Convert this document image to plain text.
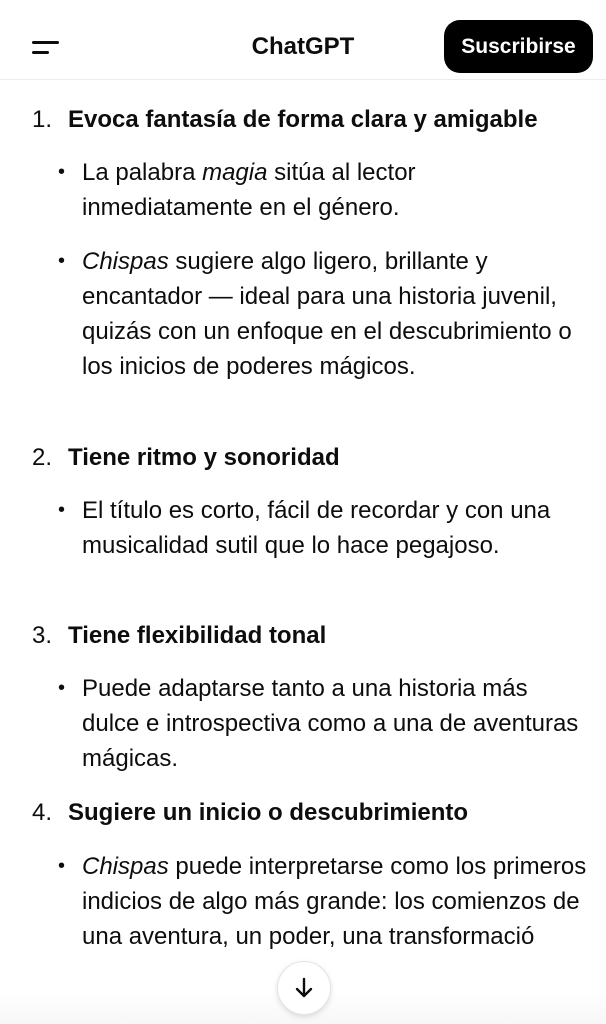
ChatGPT	Suscribirse

1. Evoca fantasía de forma clara y amigable

• La palabra magia sitúa al lector inmediatamente en el género.

• Chispas sugiere algo ligero, brillante y encantador — ideal para una historia juvenil, quizás con un enfoque en el descubrimiento o los inicios de poderes mágicos.

2. Tiene ritmo y sonoridad

• El título es corto, fácil de recordar y con una musicalidad sutil que lo hace pegajoso.

3. Tiene flexibilidad tonal

• Puede adaptarse tanto a una historia más dulce e introspectiva como a una de aventuras mágicas.

4. Sugiere un inicio o descubrimiento

• Chispas puede interpretarse como los primeros indicios de algo más grande: los comienzos de una aventura, un poder, una transformació
